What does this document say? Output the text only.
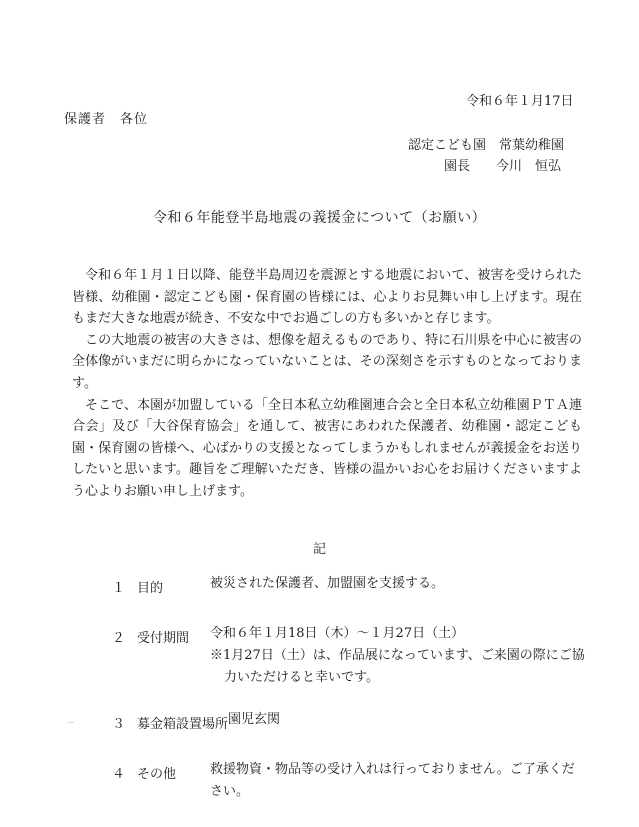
令和６年１月17日
保護者　各位
認定こども園　常葉幼稚園
園長　　今川　恒弘
令和６年能登半島地震の義援金について（お願い）

令和６年１月１日以降、能登半島周辺を震源とする地震において、被害を受けられた皆様、幼稚園・認定こども園・保育園の皆様には、心よりお見舞い申し上げます。現在もまだ大きな地震が続き、不安な中でお過ごしの方も多いかと存じます。

この大地震の被害の大きさは、想像を超えるものであり、特に石川県を中心に被害の全体像がいまだに明らかになっていないことは、その深刻さを示すものとなっております。

そこで、本園が加盟している「全日本私立幼稚園連合会と全日本私立幼稚園ＰＴＡ連合会」及び「大谷保育協会」を通して、被害にあわれた保護者、幼稚園・認定こども園・保育園の皆様へ、心ばかりの支援となってしまうかもしれませんが義援金をお送りしたいと思います。趣旨をご理解いただき、皆様の温かいお心をお届けくださいますよう心よりお願い申し上げます。

記
１ 目的	被災された保護者、加盟園を支援する。
２ 受付期間 令和６年１月18日（木）～１月27日（土）
※1月27日（土）は、作品展になっています、ご来園の際にご協力いただけると幸いです。
３ 募金箱設置場所 園児玄関
４ その他	救援物資・物品等の受け入れは行っておりません。ご了承ください。
